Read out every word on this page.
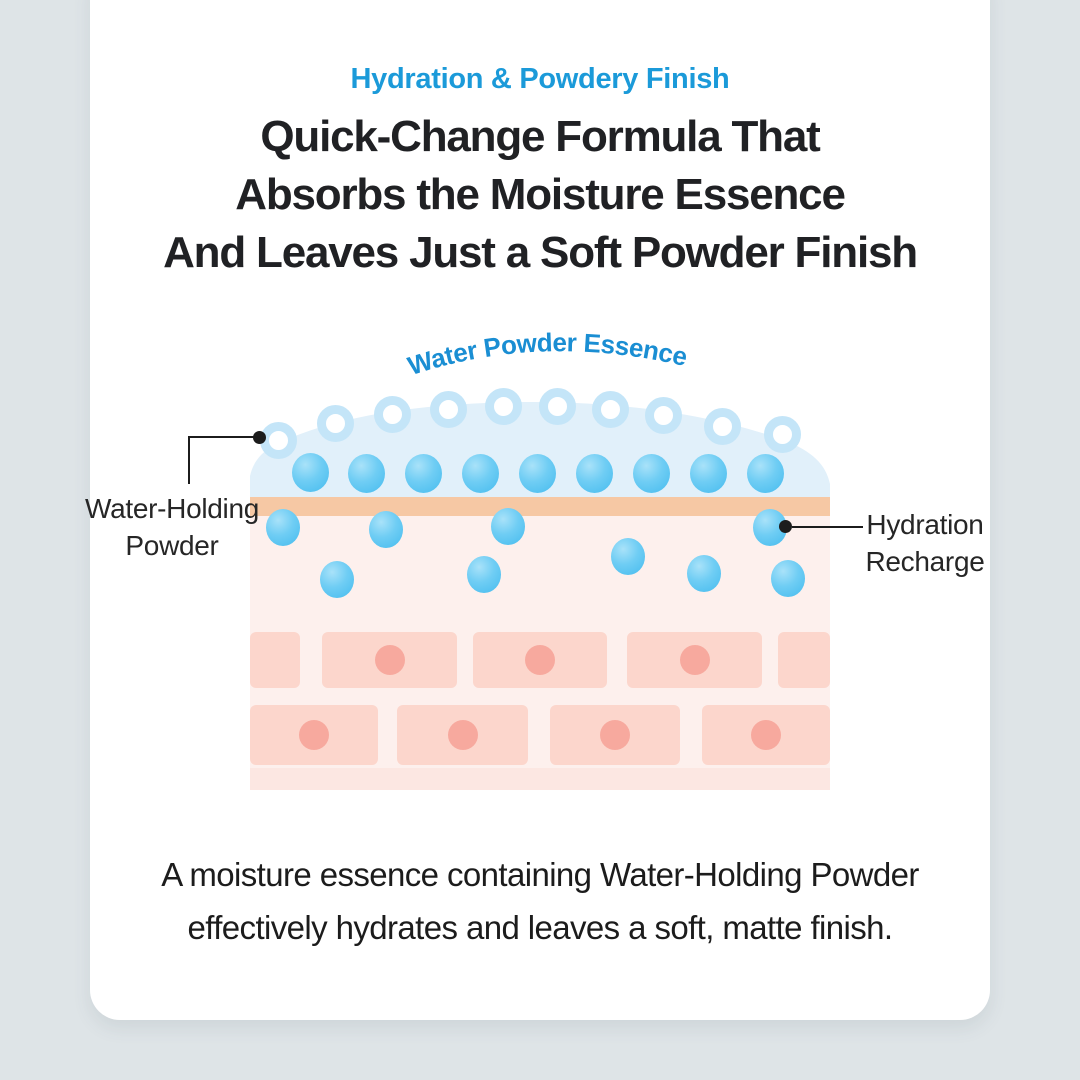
Hydration & Powdery Finish
Quick-Change Formula That
Absorbs the Moisture Essence
And Leaves Just a Soft Powder Finish
Water Powder Essence
Water-Holding
Powder
Hydration
Recharge
A moisture essence containing Water-Holding Powder
effectively hydrates and leaves a soft, matte finish.
